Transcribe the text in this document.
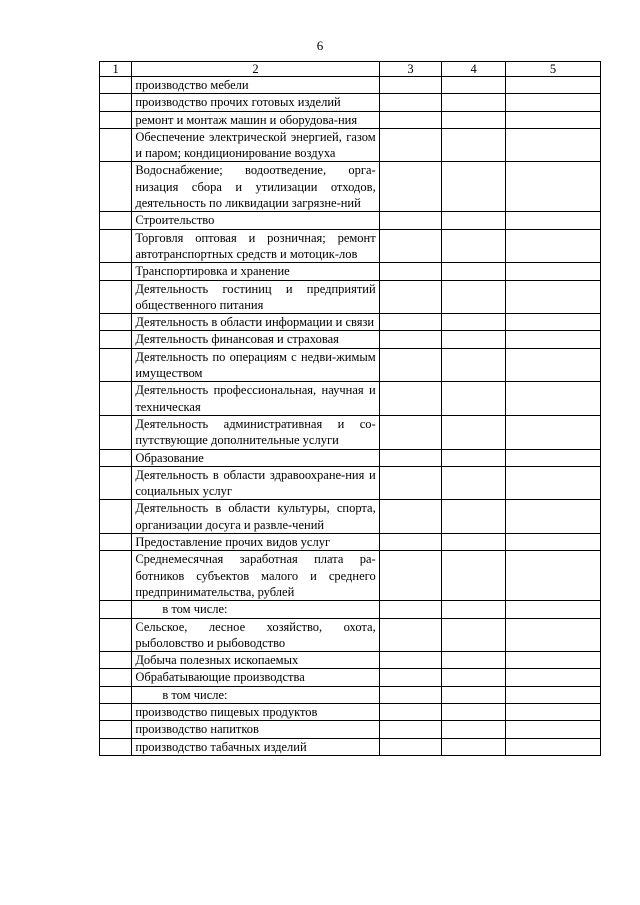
6
1	2	3	4	5
	производство мебели			
	производство прочих готовых изделий			
	ремонт и монтаж машин и оборудова-ния			
	Обеспечение электрической энергией, газом и паром; кондиционирование воздуха			
	Водоснабжение; водоотведение, орга-низация сбора и утилизации отходов, деятельность по ликвидации загрязне-ний			
	Строительство			
	Торговля оптовая и розничная; ремонт автотранспортных средств и мотоцик-лов			
	Транспортировка и хранение			
	Деятельность гостиниц и предприятий общественного питания			
	Деятельность в области информации и связи			
	Деятельность финансовая и страховая			
	Деятельность по операциям с недви-жимым имуществом			
	Деятельность профессиональная, научная и техническая			
	Деятельность административная и со-путствующие дополнительные услуги			
	Образование			
	Деятельность в области здравоохране-ния и социальных услуг			
	Деятельность в области культуры, спорта, организации досуга и развле-чений			
	Предоставление прочих видов услуг			
	Среднемесячная заработная плата ра-ботников субъектов малого и среднего предпринимательства, рублей			
	в том числе:			
	Сельское, лесное хозяйство, охота, рыболовство и рыбоводство			
	Добыча полезных ископаемых			
	Обрабатывающие производства			
	в том числе:			
	производство пищевых продуктов			
	производство напитков			
	производство табачных изделий			
